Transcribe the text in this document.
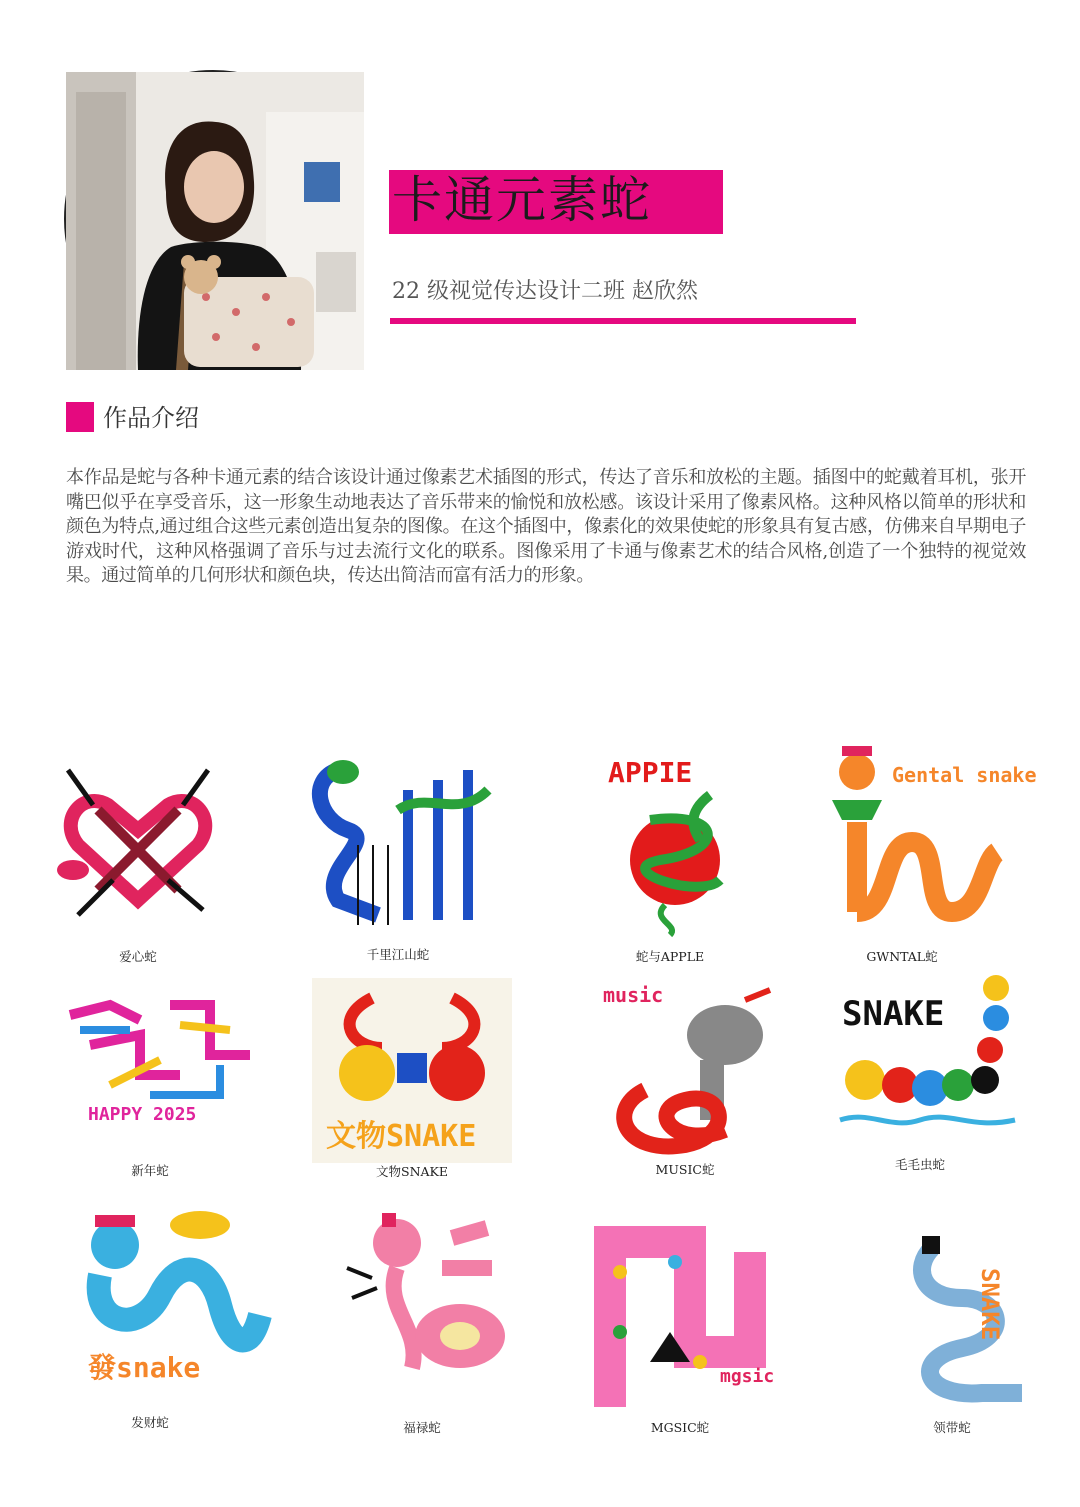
卡通元素蛇
22 级视觉传达设计二班 赵欣然
作品介绍

本作品是蛇与各种卡通元素的结合该设计通过像素艺术插图的形式，传达了音乐和放松的主题。插图中的蛇戴着耳机，张开嘴巴似乎在享受音乐，这一形象生动地表达了音乐带来的愉悦和放松感。该设计采用了像素风格。这种风格以简单的形状和颜色为特点,通过组合这些元素创造出复杂的图像。在这个插图中，像素化的效果使蛇的形象具有复古感，仿佛来自早期电子游戏时代，这种风格强调了音乐与过去流行文化的联系。图像采用了卡通与像素艺术的结合风格,创造了一个独特的视觉效果。通过简单的几何形状和颜色块，传达出简洁而富有活力的形象。

爱心蛇	千里江山蛇
APPIE
蛇与APPLE
Gental snake
GWNTAL蛇
HAPPY 2025
新年蛇
文物SNAKE
文物SNAKE
music
MUSIC蛇
SNAKE
毛毛虫蛇
發snake
发财蛇	福禄蛇
mgsic
MGSIC蛇
SNAKE
领带蛇
